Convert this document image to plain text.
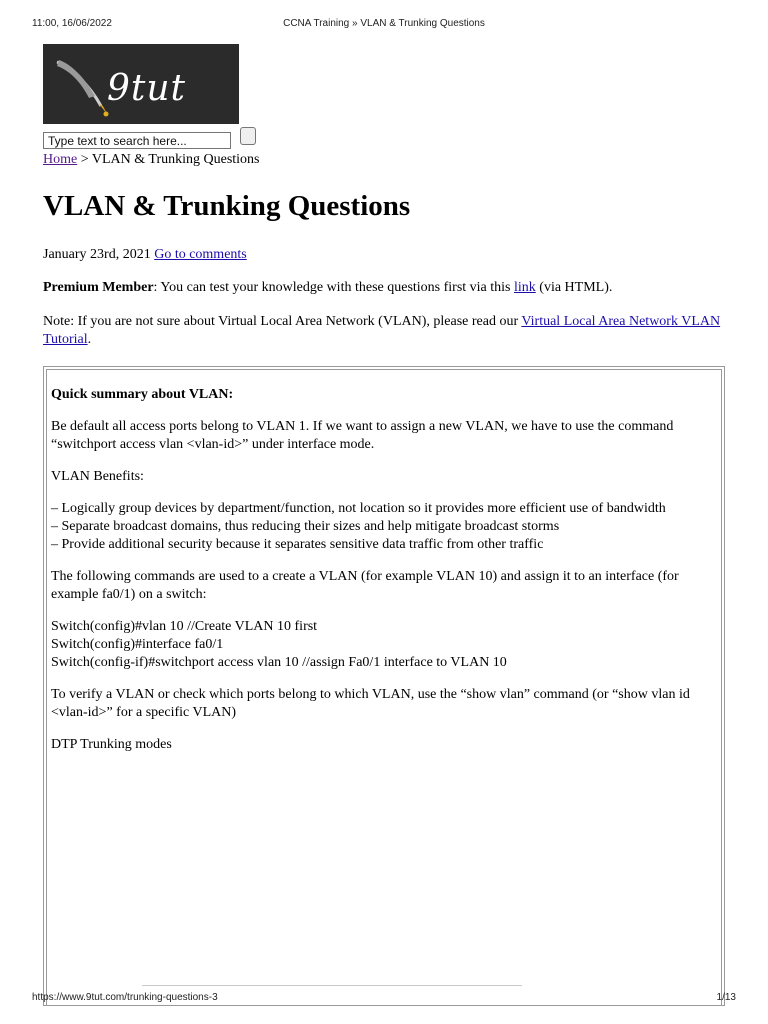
11:00, 16/06/2022	CCNA Training » VLAN & Trunking Questions
9tut
Type text to search here...
Home > VLAN & Trunking Questions
VLAN & Trunking Questions
January 23rd, 2021 Go to comments
Premium Member: You can test your knowledge with these questions first via this link (via HTML).
Note: If you are not sure about Virtual Local Area Network (VLAN), please read our Virtual Local Area Network VLAN Tutorial.

Quick summary about VLAN:

Be default all access ports belong to VLAN 1. If we want to assign a new VLAN, we have to use the command “switchport access vlan <vlan-id>” under interface mode.

VLAN Benefits:

– Logically group devices by department/function, not location so it provides more efficient use of bandwidth
– Separate broadcast domains, thus reducing their sizes and help mitigate broadcast storms
– Provide additional security because it separates sensitive data traffic from other traffic

The following commands are used to a create a VLAN (for example VLAN 10) and assign it to an interface (for example fa0/1) on a switch:

Switch(config)#vlan 10 //Create VLAN 10 first
Switch(config)#interface fa0/1
Switch(config-if)#switchport access vlan 10 //assign Fa0/1 interface to VLAN 10

To verify a VLAN or check which ports belong to which VLAN, use the “show vlan” command (or “show vlan id <vlan-id>” for a specific VLAN)

DTP Trunking modes

https://www.9tut.com/trunking-questions-3	1/13
